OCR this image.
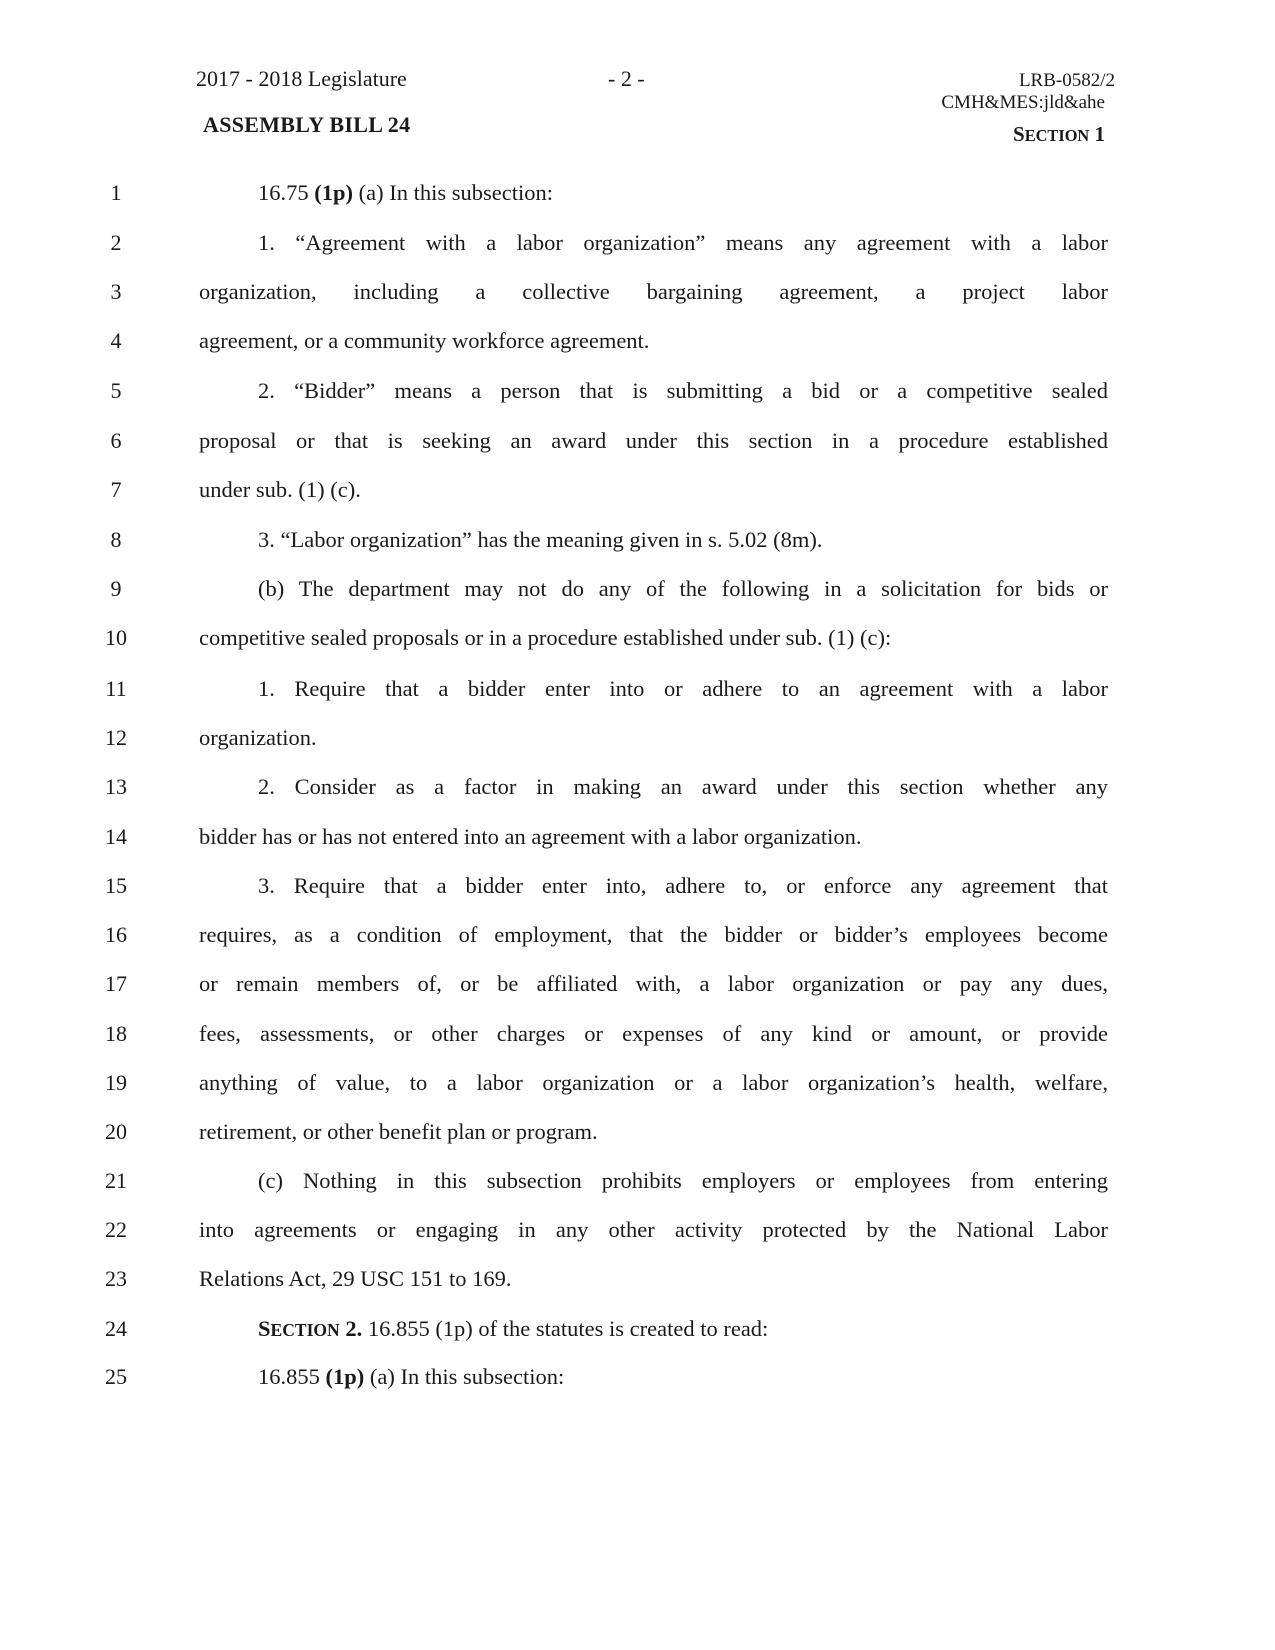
2017 - 2018 Legislature	- 2 -
ASSEMBLY BILL 24
LRB-0582/2
CMH&MES:jld&ahe
SECTION 1
1	16.75 (1p) (a) In this subsection:
2	1. “Agreement with a labor organization” means any agreement with a labor
3	organization, including a collective bargaining agreement, a project labor
4	agreement, or a community workforce agreement.
5	2. “Bidder” means a person that is submitting a bid or a competitive sealed
6	proposal or that is seeking an award under this section in a procedure established
7	under sub. (1) (c).
8	3. “Labor organization” has the meaning given in s. 5.02 (8m).
9	(b) The department may not do any of the following in a solicitation for bids or
10	competitive sealed proposals or in a procedure established under sub. (1) (c):
11	1. Require that a bidder enter into or adhere to an agreement with a labor
12	organization.
13	2. Consider as a factor in making an award under this section whether any
14	bidder has or has not entered into an agreement with a labor organization.
15	3. Require that a bidder enter into, adhere to, or enforce any agreement that
16	requires, as a condition of employment, that the bidder or bidder’s employees become
17	or remain members of, or be affiliated with, a labor organization or pay any dues,
18	fees, assessments, or other charges or expenses of any kind or amount, or provide
19	anything of value, to a labor organization or a labor organization’s health, welfare,
20	retirement, or other benefit plan or program.
21	(c) Nothing in this subsection prohibits employers or employees from entering
22	into agreements or engaging in any other activity protected by the National Labor
23	Relations Act, 29 USC 151 to 169.
24	SECTION 2. 16.855 (1p) of the statutes is created to read:
25	16.855 (1p) (a) In this subsection:
